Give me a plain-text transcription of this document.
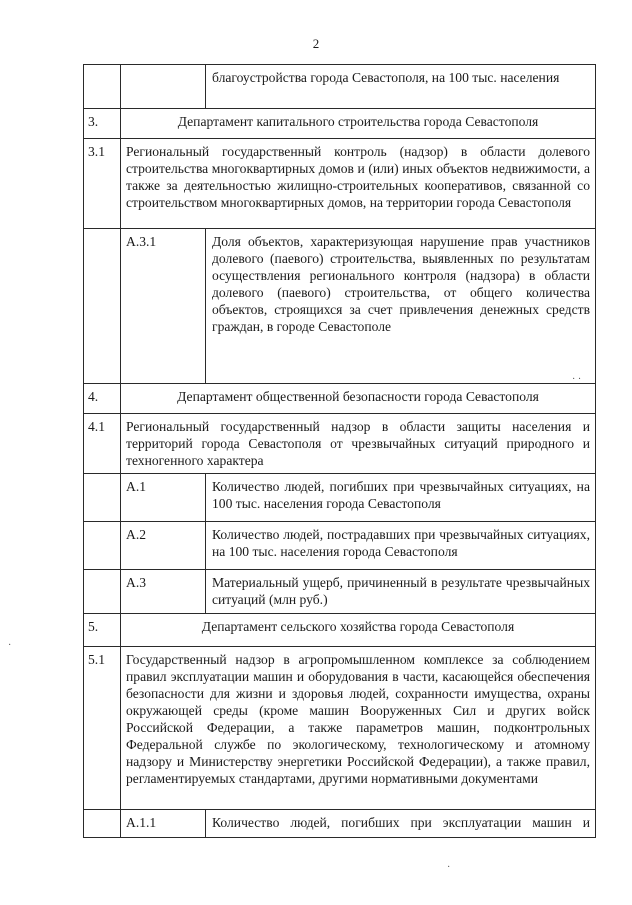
2
		благоустройства города Севастополя, на 100 тыс. населения
3.	Департамент капитального строительства города Севастополя	
3.1	Региональный государственный контроль (надзор) в области долевого строительства многоквартирных домов и (или) иных объектов недвижимости, а также за деятельностью жилищно-строительных кооперативов, связанной со строительством многоквартирных домов, на территории города Севастополя	
	А.3.1	Доля объектов, характеризующая нарушение прав участников долевого (паевого) строительства, выявленных по результатам осуществления регионального контроля (надзора) в области долевого (паевого) строительства, от общего количества объектов, строящихся за счет привлечения денежных средств граждан, в городе Севастополе
4.	Департамент общественной безопасности города Севастополя	
4.1	Региональный государственный надзор в области защиты населения и территорий города Севастополя от чрезвычайных ситуаций природного и техногенного характера	
	А.1	Количество людей, погибших при чрезвычайных ситуациях, на 100 тыс. населения города Севастополя
	А.2	Количество людей, пострадавших при чрезвычайных ситуациях, на 100 тыс. населения города Севастополя
	А.3	Материальный ущерб, причиненный в результате чрезвычайных ситуаций (млн руб.)
5.	Департамент сельского хозяйства города Севастополя	
5.1	Государственный надзор в агропромышленном комплексе за соблюдением правил эксплуатации машин и оборудования в части, касающейся обеспечения безопасности для жизни и здоровья людей, сохранности имущества, охраны окружающей среды (кроме машин Вооруженных Сил и других войск Российской Федерации, а также параметров машин, подконтрольных Федеральной службе по экологическому, технологическому и атомному надзору и Министерству энергетики Российской Федерации), а также правил, регламентируемых стандартами, другими нормативными документами	
	А.1.1	Количество людей, погибших при эксплуатации машин и
· ·
·
·
